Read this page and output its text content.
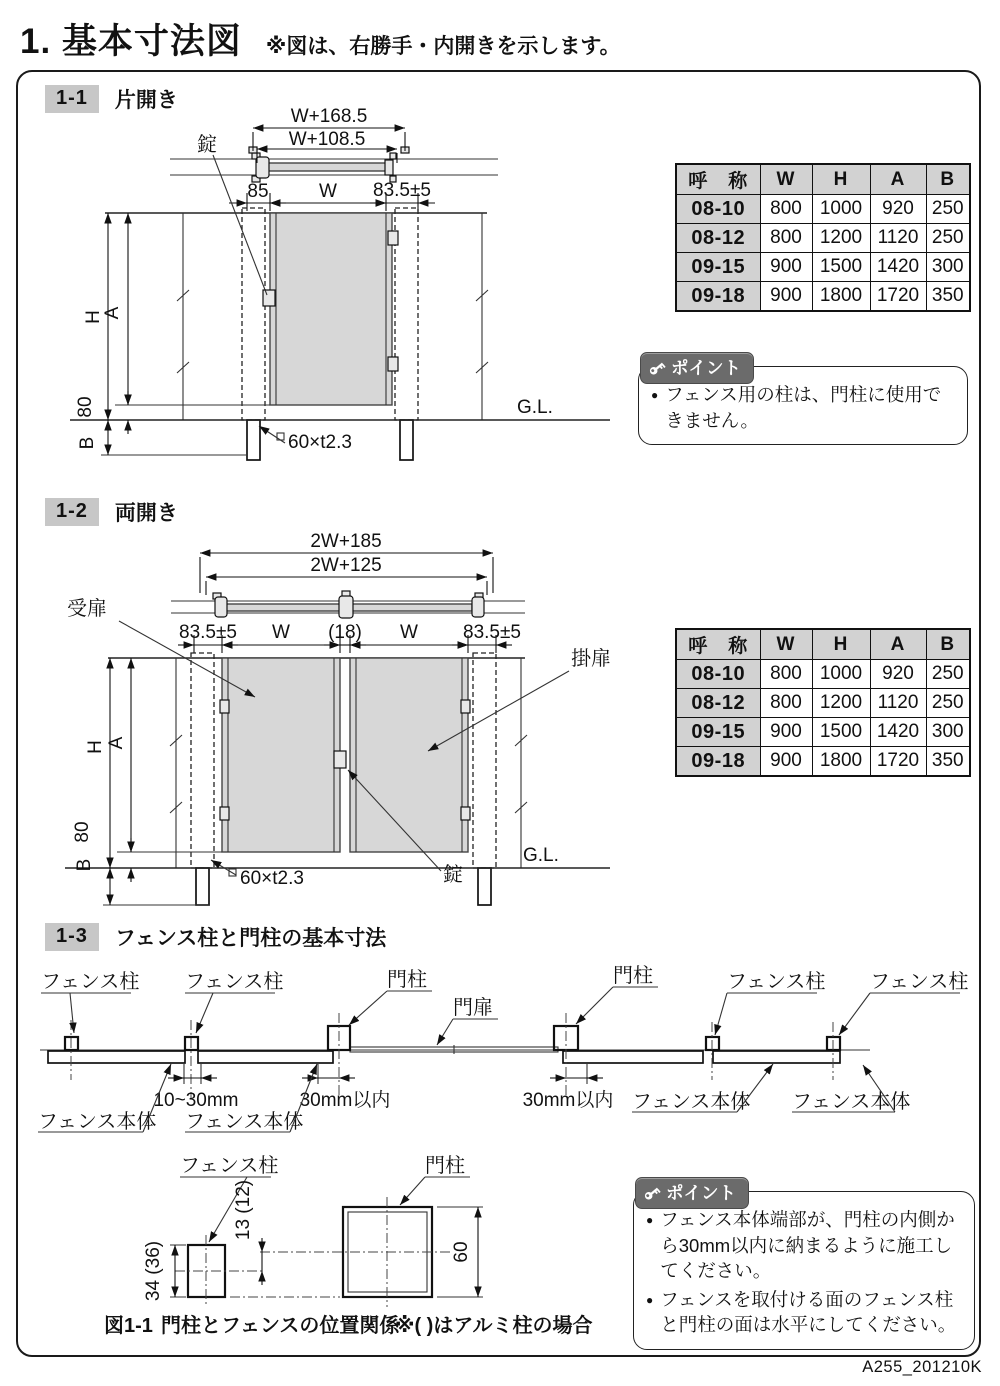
1. 基本寸法図 ※図は、右勝手・内開きを示します。
1-1	片開き
1-2	両開き
1-3	フェンス柱と門柱の基本寸法
W+168.5
W+108.5
85	W 83.5±5
H
A
80
B
錠
G.L.
60×t2.3
呼　称	W	H	A	B
08-10	800	1000	920	250
08-12	800	1200	1120	250
09-15	900	1500	1420	300
09-18	900	1800	1720	350
ポイント
● フェンス用の柱は、門柱に使用できません。
2W+185
2W+125
83.5±5 W (18) W 83.5±5
H A
80
B
受扉
掛扉
錠
G.L.
60×t2.3
呼　称	W	H	A	B
08-10	800	1000	920	250
08-12	800	1200	1120	250
09-15	900	1500	1420	300
09-18	900	1800	1720	350
フェンス柱 フェンス柱	門柱
門扉
門柱	フェンス柱 フェンス柱
10~30mm	30mm以内	30mm以内
フェンス本体 フェンス本体
フェンス本体 フェンス本体
フェンス柱	門柱
34 (36)
13 (12)
60
図1-1 門柱とフェンスの位置関係
※( )はアルミ柱の場合
ポイント
● フェンス本体端部が、門柱の内側から30mm以内に納まるように施工してください。
● フェンスを取付ける面のフェンス柱と門柱の面は水平にしてください。
A255_201210K
